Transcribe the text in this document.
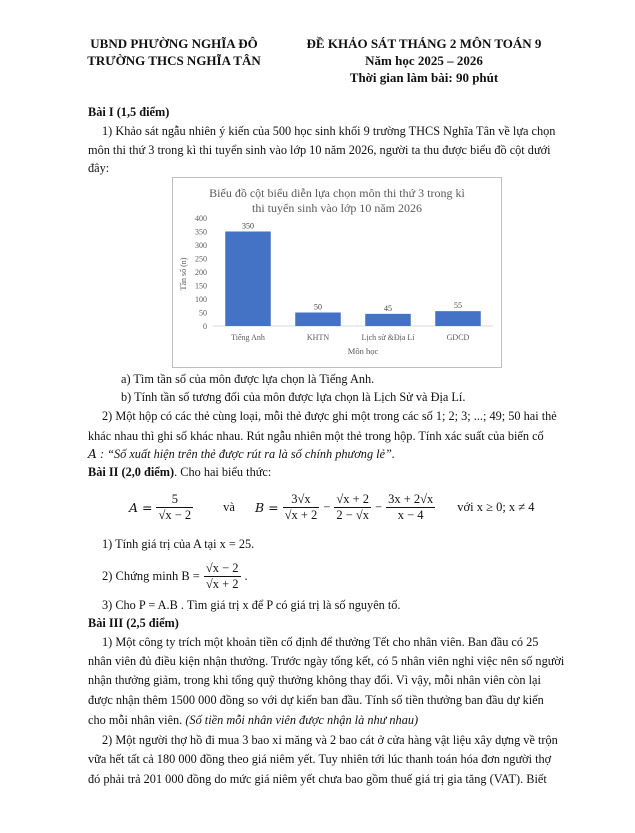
UBND PHƯỜNG NGHĨA ĐÔ
TRƯỜNG THCS NGHĨA TÂN
ĐỀ KHẢO SÁT THÁNG 2 MÔN TOÁN 9
Năm học 2025 – 2026
Thời gian làm bài: 90 phút
Bài I (1,5 điểm)
1) Khảo sát ngẫu nhiên ý kiến của 500 học sinh khối 9 trường THCS Nghĩa Tân về lựa chọn
môn thi thứ 3 trong kì thi tuyển sinh vào lớp 10 năm 2026, người ta thu được biểu đồ cột dưới
đây:
Biểu đồ cột biểu diễn lựa chọn môn thi thứ 3 trong kì
thi tuyển sinh vào lớp 10 năm 2026
Tần số (n)
Môn học
0
50
100
150
200
250
300
350
400
350
Tiếng Anh
50
KHTN
45
Lịch sử &Địa Lí
55
GDCD
a) Tìm tần số của môn được lựa chọn là Tiếng Anh.
b) Tính tần số tương đối của môn được lựa chọn là Lịch Sử và Địa Lí.
2) Một hộp có các thẻ cùng loại, mỗi thẻ được ghi một trong các số 1; 2; 3; ...; 49; 50 hai thẻ
khác nhau thì ghi số khác nhau. Rút ngẫu nhiên một thẻ trong hộp. Tính xác suất của biến cố
A : “Số xuất hiện trên thẻ được rút ra là số chính phương lẻ”.
Bài II (2,0 điểm). Cho hai biểu thức:
$A = \frac{5}{√x - 2}$ và $B = \frac{3√x}{√x + 2} - \frac{√x + 2}{2 - √x} - \frac{3x + 2√x}{x - 4}$ với x ≥ 0; x ≠ 4
1) Tính giá trị của A tại x = 25.
2) Chứng minh $B = \frac{√x - 2}{√x + 2}$ .
3) Cho P = A.B . Tìm giá trị x để P có giá trị là số nguyên tố.
Bài III (2,5 điểm)
1) Một công ty trích một khoản tiền cố định để thưởng Tết cho nhân viên. Ban đầu có 25
nhân viên đủ điều kiện nhận thưởng. Trước ngày tổng kết, có 5 nhân viên nghỉ việc nên số người
nhận thưởng giảm, trong khi tổng quỹ thưởng không thay đổi. Vì vậy, mỗi nhân viên còn lại
được nhận thêm 1500 000 đồng so với dự kiến ban đầu. Tính số tiền thưởng ban đầu dự kiến
cho mỗi nhân viên. (Số tiền mỗi nhân viên được nhận là như nhau)
2) Một người thợ hồ đi mua 3 bao xi măng và 2 bao cát ở cửa hàng vật liệu xây dựng về trộn
vữa hết tất cả 180 000 đồng theo giá niêm yết. Tuy nhiên tới lúc thanh toán hóa đơn người thợ
đó phải trả 201 000 đồng do mức giá niêm yết chưa bao gồm thuế giá trị gia tăng (VAT). Biết
